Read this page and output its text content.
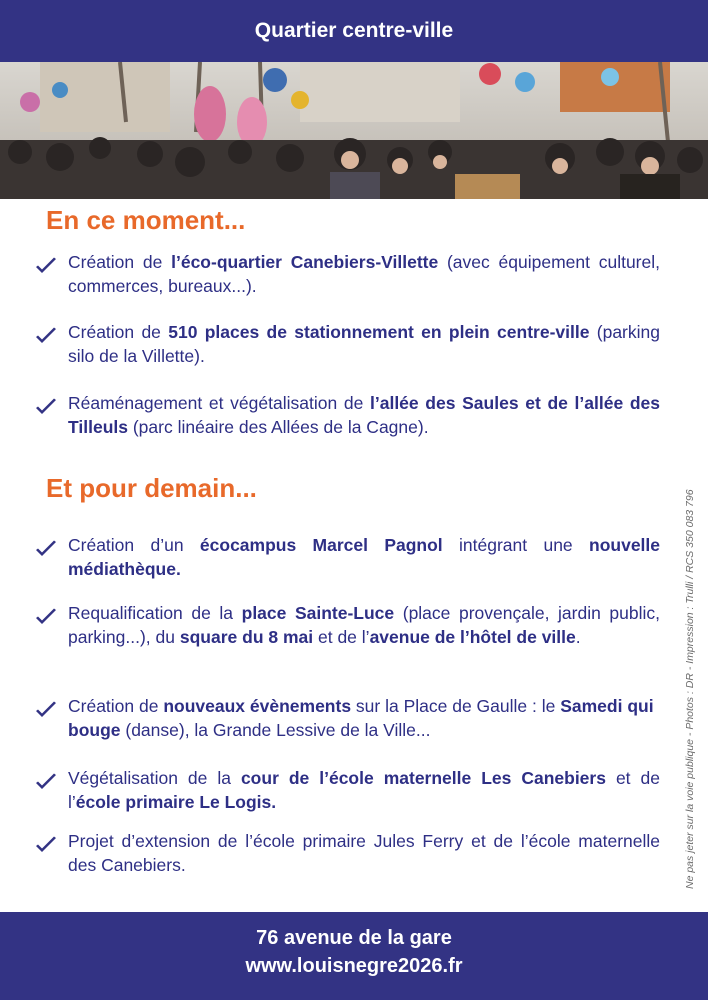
Quartier centre-ville
En ce moment...
Création de l’éco-quartier Canebiers-Villette (avec équipement culturel, commerces, bureaux...).
Création de 510 places de stationnement en plein centre-ville (parking silo de la Villette).
Réaménagement et végétalisation de l’allée des Saules et de l’allée des Tilleuls (parc linéaire des Allées de la Cagne).
Et pour demain...
Création d’un écocampus Marcel Pagnol intégrant une nouvelle médiathèque.
Requalification de la place Sainte-Luce (place provençale, jardin public, parking...), du square du 8 mai et de l’avenue de l’hôtel de ville.
Création de nouveaux évènements sur la Place de Gaulle : le Samedi qui bouge (danse), la Grande Lessive de la Ville...
Végétalisation de la cour de l’école maternelle Les Canebiers et de l’école primaire Le Logis.
Projet d’extension de l’école primaire Jules Ferry et de l’école maternelle des Canebiers.	Ne pas jeter sur la voie publique - Photos : DR - Impression : Trulli / RCS 350 083 796
76 avenue de la gare
www.louisnegre2026.fr
